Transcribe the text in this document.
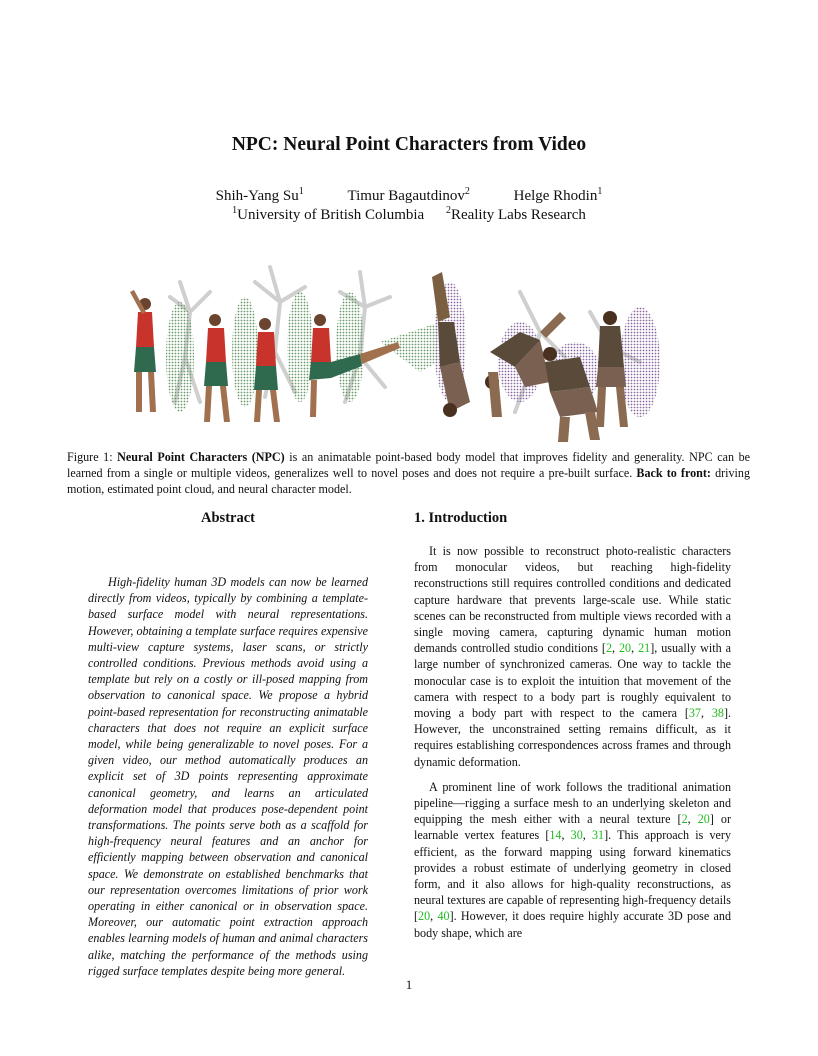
NPC: Neural Point Characters from Video
Shih-Yang Su$^1$	Timur Bagautdinov$^2$	Helge Rhodin$^1$
$^1$University of British Columbia $^2$Reality Labs Research
Figure 1: Neural Point Characters (NPC) is an animatable point-based body model that improves fidelity and generality. NPC can be learned from a single or multiple videos, generalizes well to novel poses and does not require a pre-built surface. Back to front: driving motion, estimated point cloud, and neural character model.
Abstract

High-fidelity human 3D models can now be learned directly from videos, typically by combining a template-based surface model with neural representations. However, obtaining a template surface requires expensive multi-view capture systems, laser scans, or strictly controlled conditions. Previous methods avoid using a template but rely on a costly or ill-posed mapping from observation to canonical space. We propose a hybrid point-based representation for reconstructing animatable characters that does not require an explicit surface model, while being generalizable to novel poses. For a given video, our method automatically produces an explicit set of 3D points representing approximate canonical geometry, and learns an articulated deformation model that produces pose-dependent point transformations. The points serve both as a scaffold for high-frequency neural features and an anchor for efficiently mapping between observation and canonical space. We demonstrate on established benchmarks that our representation overcomes limitations of prior work operating in either canonical or in observation space. Moreover, our automatic point extraction approach enables learning models of human and animal characters alike, matching the performance of the methods using rigged surface templates despite being more general.

1. Introduction

It is now possible to reconstruct photo-realistic characters from monocular videos, but reaching high-fidelity reconstructions still requires controlled conditions and dedicated capture hardware that prevents large-scale use. While static scenes can be reconstructed from multiple views recorded with a single moving camera, capturing dynamic human motion demands controlled studio conditions [2, 20, 21], usually with a large number of synchronized cameras. One way to tackle the monocular case is to exploit the intuition that movement of the camera with respect to a body part is roughly equivalent to moving a body part with respect to the camera [37, 38]. However, the unconstrained setting remains difficult, as it requires establishing correspondences across frames and through dynamic deformation.

A prominent line of work follows the traditional animation pipeline—rigging a surface mesh to an underlying skeleton and equipping the mesh either with a neural texture [2, 20] or learnable vertex features [14, 30, 31]. This approach is very efficient, as the forward mapping using forward kinematics provides a robust estimate of underlying geometry in closed form, and it also allows for high-quality reconstructions, as neural textures are capable of representing high-frequency details [20, 40]. However, it does require highly accurate 3D pose and body shape, which are

1
